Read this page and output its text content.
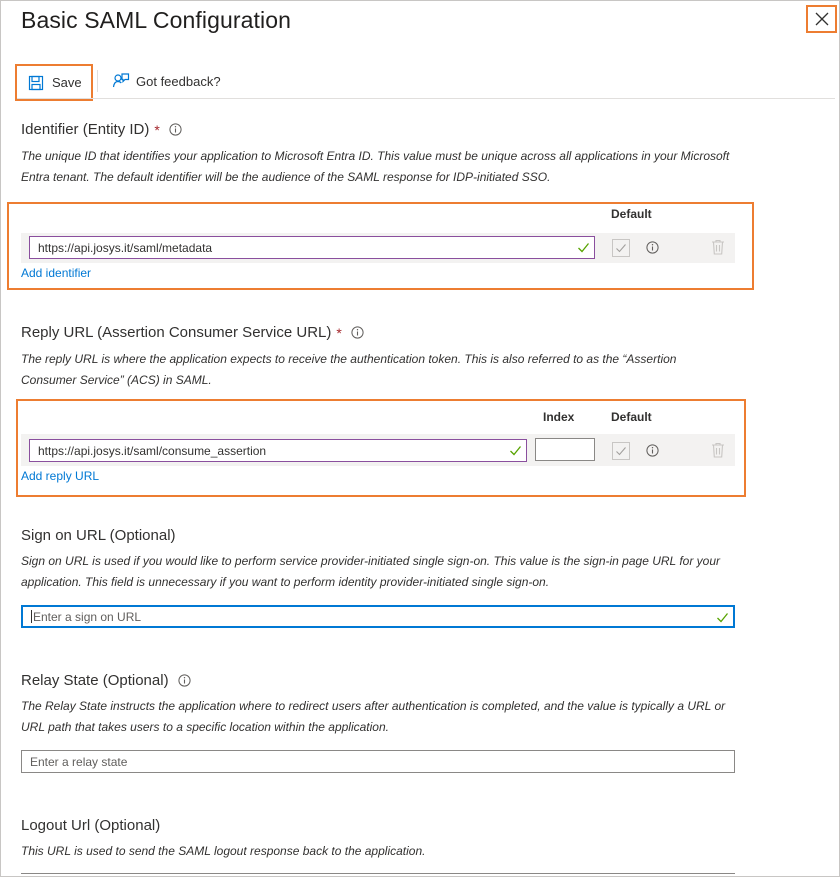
Basic SAML Configuration
Save	Got feedback?
Identifier (Entity ID) *

The unique ID that identifies your application to Microsoft Entra ID. This value must be unique across all applications in your Microsoft Entra tenant. The default identifier will be the audience of the SAML response for IDP-initiated SSO.

Default
https://api.josys.it/saml/metadata
Add identifier
Reply URL (Assertion Consumer Service URL) *

The reply URL is where the application expects to receive the authentication token. This is also referred to as the “Assertion Consumer Service” (ACS) in SAML.

Index	Default
https://api.josys.it/saml/consume_assertion
Add reply URL
Sign on URL (Optional)

Sign on URL is used if you would like to perform service provider-initiated single sign-on. This value is the sign-in page URL for your application. This field is unnecessary if you want to perform identity provider-initiated single sign-on.

Enter a sign on URL
Relay State (Optional)

The Relay State instructs the application where to redirect users after authentication is completed, and the value is typically a URL or URL path that takes users to a specific location within the application.

Enter a relay state
Logout Url (Optional)

This URL is used to send the SAML logout response back to the application.
